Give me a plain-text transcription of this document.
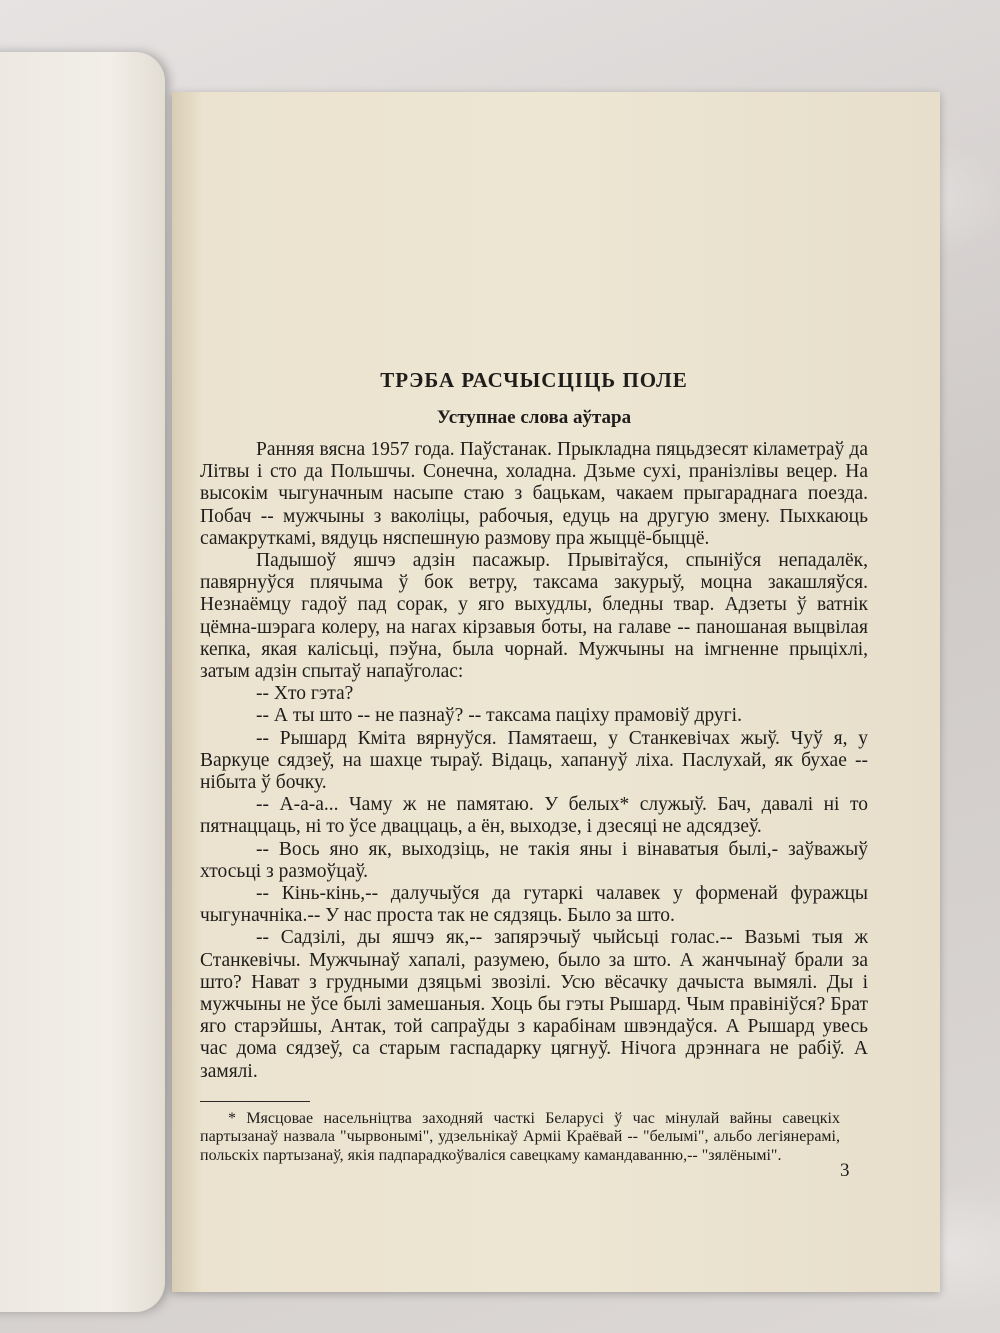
ТРЭБА РАСЧЫСЦІЦЬ ПОЛЕ
Уступнае слова аўтара

Ранняя вясна 1957 года. Паўстанак. Прыкладна пяцьдзесят кіламетраў да Літвы і сто да Польшчы. Сонечна, холадна. Дзьме сухі, пранізлівы вецер. На высокім чыгуначным насыпе стаю з бацькам, чакаем прыгараднага поезда. Побач -- мужчыны з ваколіцы, рабочыя, едуць на другую змену. Пыхкаюць самакруткамі, вядуць няспешную размову пра жыццё-быццё.

Падышоў яшчэ адзін пасажыр. Прывітаўся, спыніўся непадалёк, павярнуўся плячыма ў бок ветру, таксама закурыў, моцна закашляўся. Незнаёмцу гадоў пад сорак, у яго выхудлы, бледны твар. Адзеты ў ватнік цёмна-шэрага колеру, на нагах кірзавыя боты, на галаве -- паношаная выцвілая кепка, якая калісьці, пэўна, была чорнай. Мужчыны на імгненне прыціхлі, затым адзін спытаў напаўголас:

-- Хто гэта?

-- А ты што -- не пазнаў? -- таксама паціху прамовіў другі.

-- Рышард Кміта вярнуўся. Памятаеш, у Станкевічах жыў. Чуў я, у Варкуце сядзеў, на шахце тыраў. Відаць, хапануў ліха. Паслухай, як бухае -- нібыта ў бочку.

-- А-а-а... Чаму ж не памятаю. У белых* служыў. Бач, давалі ні то пятнаццаць, ні то ўсе дваццаць, а ён, выходзе, і дзесяці не адсядзеў.

-- Вось яно як, выходзіць, не такія яны і вінаватыя былі,- заўважыў хтосьці з размоўцаў.

-- Кінь-кінь,-- далучыўся да гутаркі чалавек у форменай фуражцы чыгуначніка.-- У нас проста так не сядзяць. Было за што.

-- Садзілі, ды яшчэ як,-- запярэчыў чыйсьці голас.-- Вазьмі тыя ж Станкевічы. Мужчынаў хапалі, разумею, было за што. А жанчынаў брали за што? Нават з грудными дзяцьмі звозілі. Усю вёсачку дачыста вымялі. Ды і мужчыны не ўсе былі замешаныя. Хоць бы гэты Рышард. Чым правініўся? Брат яго старэйшы, Антак, той сапраўды з карабінам швэндаўся. А Рышард увесь час дома сядзеў, са старым гаспадарку цягнуў. Нічога дрэннага не рабіў. А замялі.

* Мясцовае насельніцтва заходняй часткі Беларусі ў час мінулай вайны савецкіх партызанаў назвала "чырвонымі", удзельнікаў Арміі Краёвай -- "белымі", альбо легіянерамі, польскіх партызанаў, якія падпарадкоўваліся савецкаму камандаванню,-- "зялёнымі".

3
